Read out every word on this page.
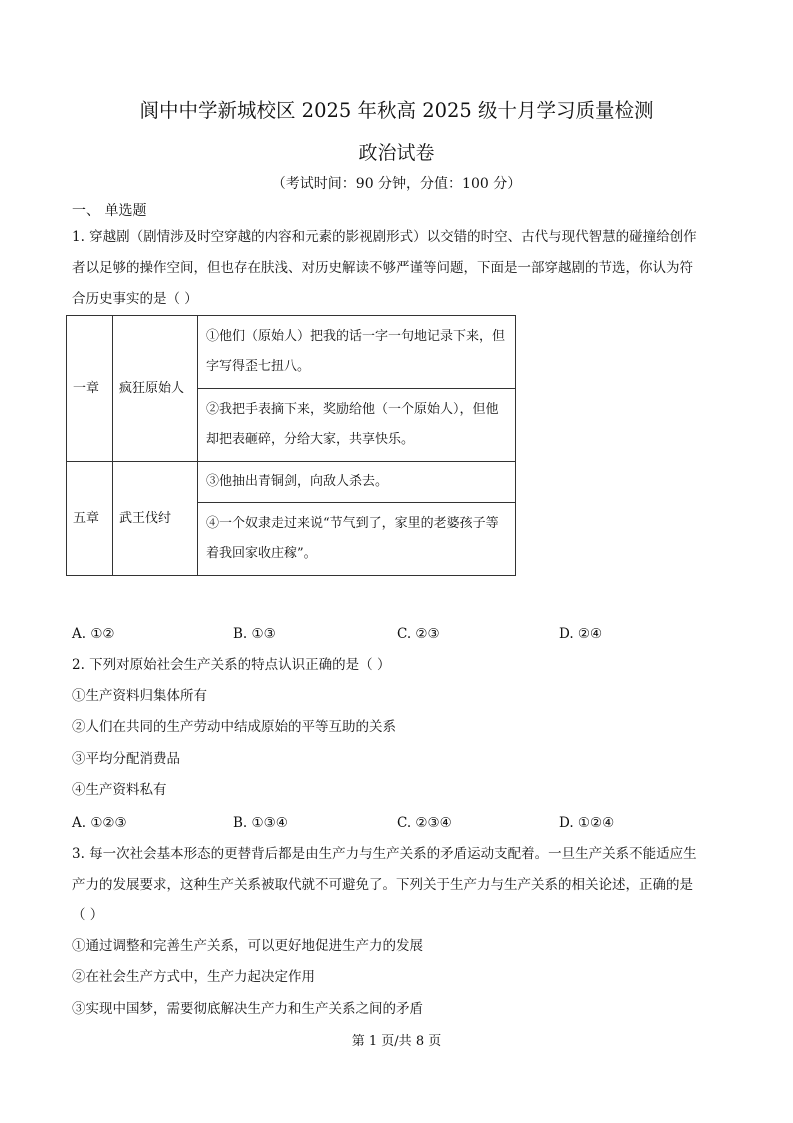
阆中中学新城校区 2025 年秋高 2025 级十月学习质量检测
政治试卷
（考试时间：90 分钟，分值：100 分）
一、 单选题
1. 穿越剧（剧情涉及时空穿越的内容和元素的影视剧形式）以交错的时空、古代与现代智慧的碰撞给创作
者以足够的操作空间，但也存在肤浅、对历史解读不够严谨等问题，下面是一部穿越剧的节选，你认为符
合历史事实的是（ ）
一章	疯狂原始人	①他们（原始人）把我的话一字一句地记录下来，但字写得歪七扭八。
		②我把手表摘下来，奖励给他（一个原始人），但他却把表砸碎，分给大家，共享快乐。
五章	武王伐纣	③他抽出青铜剑，向敌人杀去。
		④一个奴隶走过来说“节气到了，家里的老婆孩子等着我回家收庄稼”。
A. ①②	B. ①③	C. ②③	D. ②④
2. 下列对原始社会生产关系的特点认识正确的是（ ）
①生产资料归集体所有
②人们在共同的生产劳动中结成原始的平等互助的关系
③平均分配消费品
④生产资料私有
A. ①②③	B. ①③④	C. ②③④	D. ①②④
3. 每一次社会基本形态的更替背后都是由生产力与生产关系的矛盾运动支配着。一旦生产关系不能适应生
产力的发展要求，这种生产关系被取代就不可避免了。下列关于生产力与生产关系的相关论述，正确的是
（ ）
①通过调整和完善生产关系，可以更好地促进生产力的发展
②在社会生产方式中，生产力起决定作用
③实现中国梦，需要彻底解决生产力和生产关系之间的矛盾
第 1 页/共 8 页
